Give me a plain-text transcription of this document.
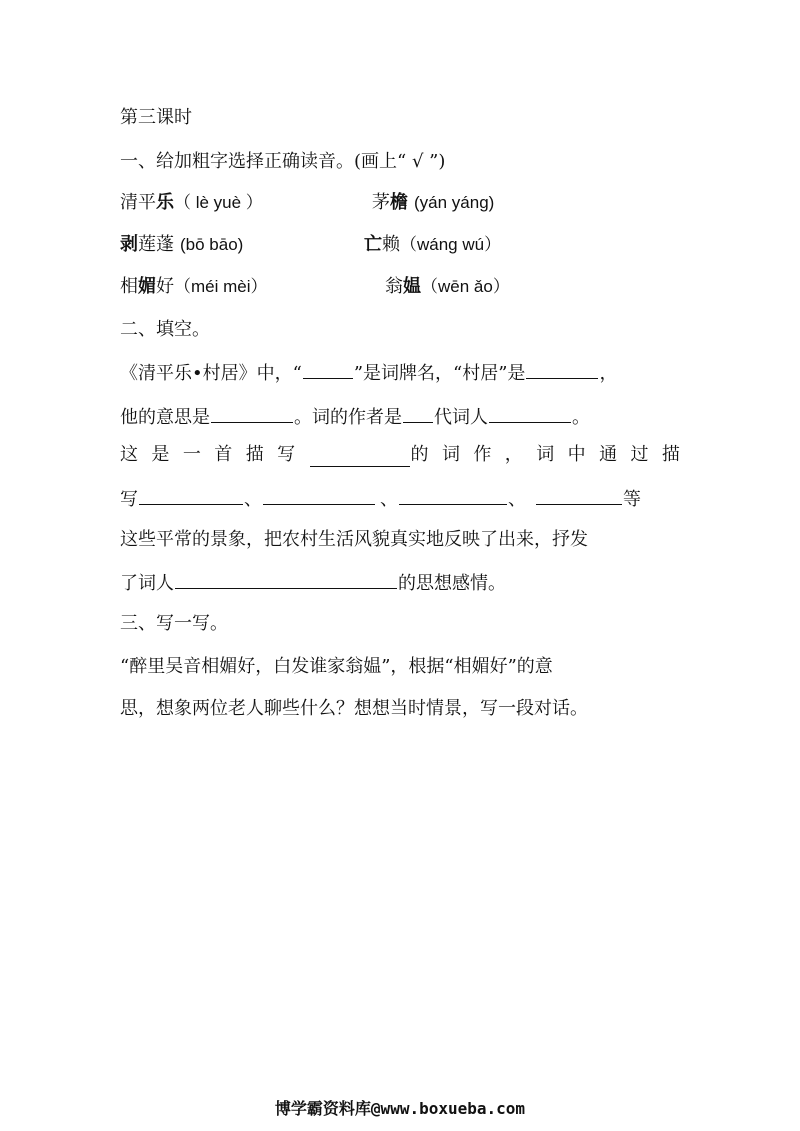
第三课时
一、给加粗字选择正确读音。(画上“ √ ”)
清平乐（ lè yuè ）	茅檐 (yán yáng)
剥莲蓬 (bō bāo)	亡赖（wáng wú）
相媚好（méi mèi）	翁媪（wēn ǎo）
二、填空。
《清平乐•村居》中，“	”是词牌名，“村居”是	，
他的意思是	。词的作者是 代词人	。
这 是 一 首 描 写	的 词 作 ， 词 中 通 过 描
写	、	、	、	等
这些平常的景象，把农村生活风貌真实地反映了出来，抒发
了词人	的思想感情。
三、写一写。
“醉里吴音相媚好，白发谁家翁媪”，根据“相媚好”的意
思，想象两位老人聊些什么？想想当时情景，写一段对话。
博学霸资料库@www.boxueba.com
